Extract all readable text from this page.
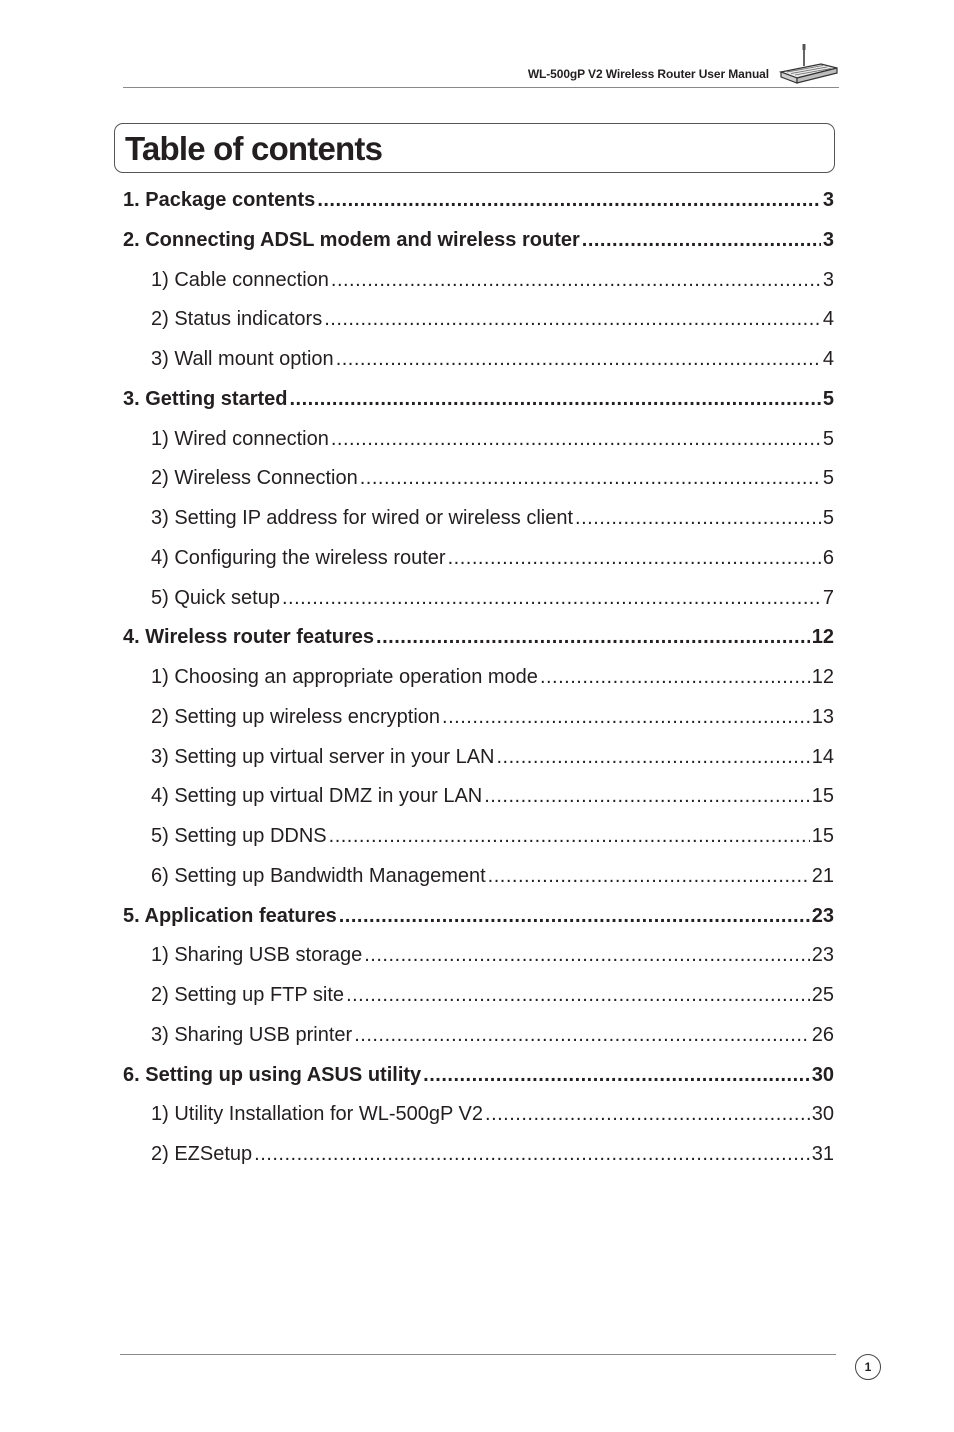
WL-500gP V2 Wireless Router User Manual
Table of contents
1. Package contents .....	3
2. Connecting ADSL modem and wireless router .....	3
1) Cable connection .....	3
2) Status indicators .....	4
3) Wall mount option .....	4
3. Getting started .....	5
1) Wired connection .....	5
2) Wireless Connection .....	5
3) Setting IP address for wired or wireless client .....	5
4) Configuring the wireless router .....	6
5) Quick setup .....	7
4. Wireless router features .....	12
1) Choosing an appropriate operation mode .....	12
2) Setting up wireless encryption .....	13
3) Setting up virtual server in your LAN .....	14
4) Setting up virtual DMZ in your LAN .....	15
5) Setting up DDNS .....	15
6) Setting up Bandwidth Management .....	21
5. Application features .....	23
1) Sharing USB storage .....	23
2) Setting up FTP site .....	25
3) Sharing USB printer .....	26
6. Setting up using ASUS utility .....	30
1) Utility Installation for WL-500gP V2 .....	30
2) EZSetup .....	31
1
